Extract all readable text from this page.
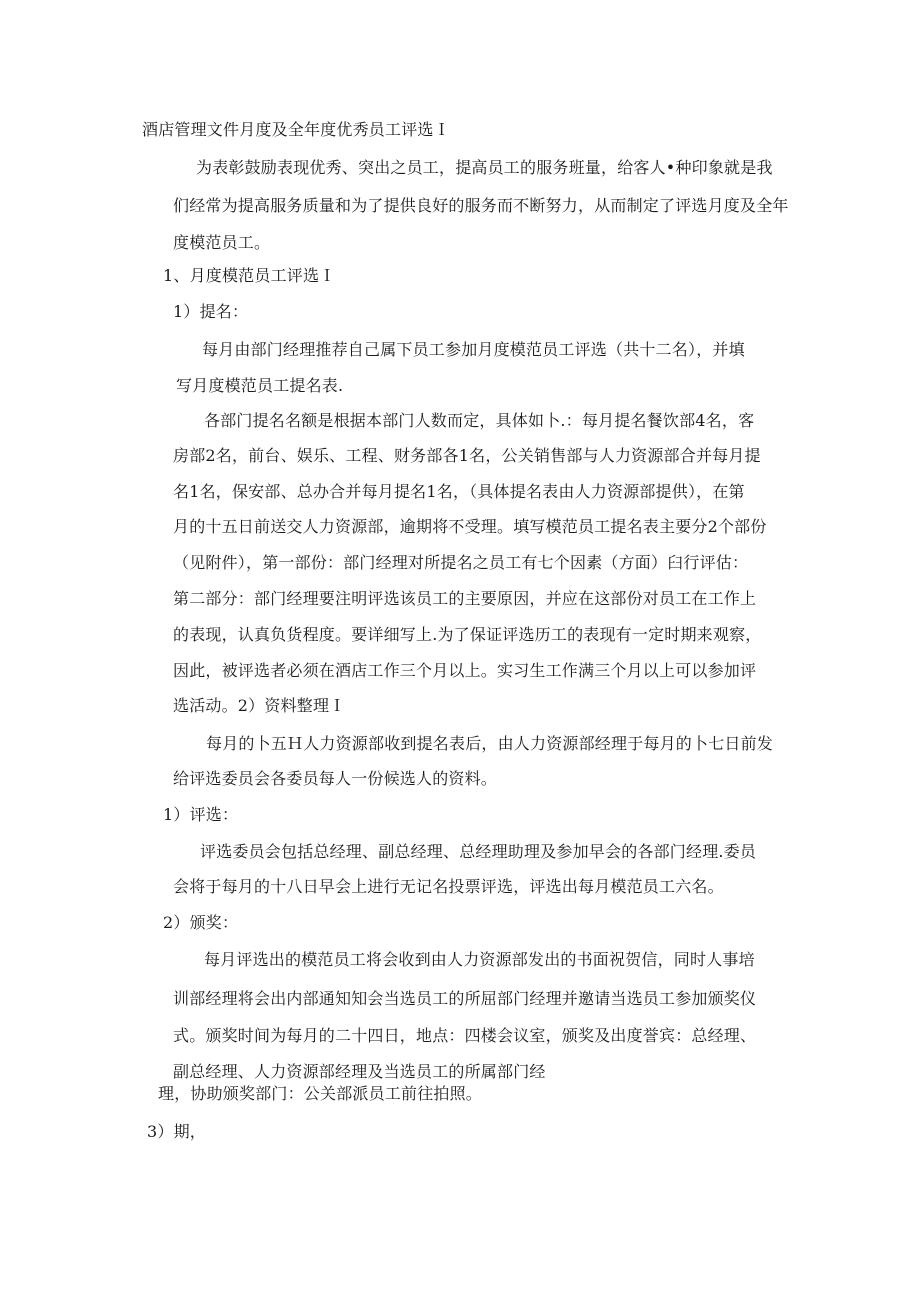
酒店管理文件月度及全年度优秀员工评选Ｉ
为表彰鼓励表现优秀、突出之员工，提高员工的服务班量，给客人•种印象就是我
们经常为提高服务质量和为了提供良好的服务而不断努力，从而制定了评选月度及全年
度模范员工。
1、月度模范员工评选Ｉ
1）提名：
每月由部门经理推荐自己属下员工参加月度模范员工评选（共十二名），并填
写月度模范员工提名表.
各部门提名名额是根据本部门人数而定，具体如卜.：每月提名餐饮部4名，客
房部2名，前台、娱乐、工程、财务部各1名，公关销售部与人力资源部合并每月提
名1名，保安部、总办合并每月提名1名，（具体提名表由人力资源部提供），在第
月的十五日前送交人力资源部，逾期将不受理。填写模范员工提名表主要分2个部份
（见附件），第一部份：部门经理对所提名之员工有七个因素（方面）臼行评估：
第二部分：部门经理要注明评选该员工的主要原因，并应在这部份对员工在工作上
的表现，认真负货程度。要详细写上.为了保证评选历工的表现有一定时期来观察，
因此，被评选者必须在酒店工作三个月以上。实习生工作满三个月以上可以参加评
选活动。2）资料整理Ｉ
每月的卜五Ｈ人力资源部收到提名表后，由人力资源部经理于每月的卜七日前发
给评选委员会各委员每人一份候选人的资料。
1）评选：
评选委员会包括总经理、副总经理、总经理助理及参加早会的各部门经理.委员
会将于每月的十八日早会上进行无记名投票评选，评选出每月模范员工六名。
2）颁奖：
每月评选出的模范员工将会收到由人力资源部发出的书面祝贺信，同时人事培
训部经理将会出内部通知知会当选员工的所屈部门经理并邀请当选员工参加颁奖仪
式。颁奖时间为每月的二十四日，地点：四楼会议室，颁奖及出度誉宾：总经理、
副总经理、人力资源部经理及当选员工的所属部门经
理，协助颁奖部门：公关部派员工前往拍照。
3）期，
